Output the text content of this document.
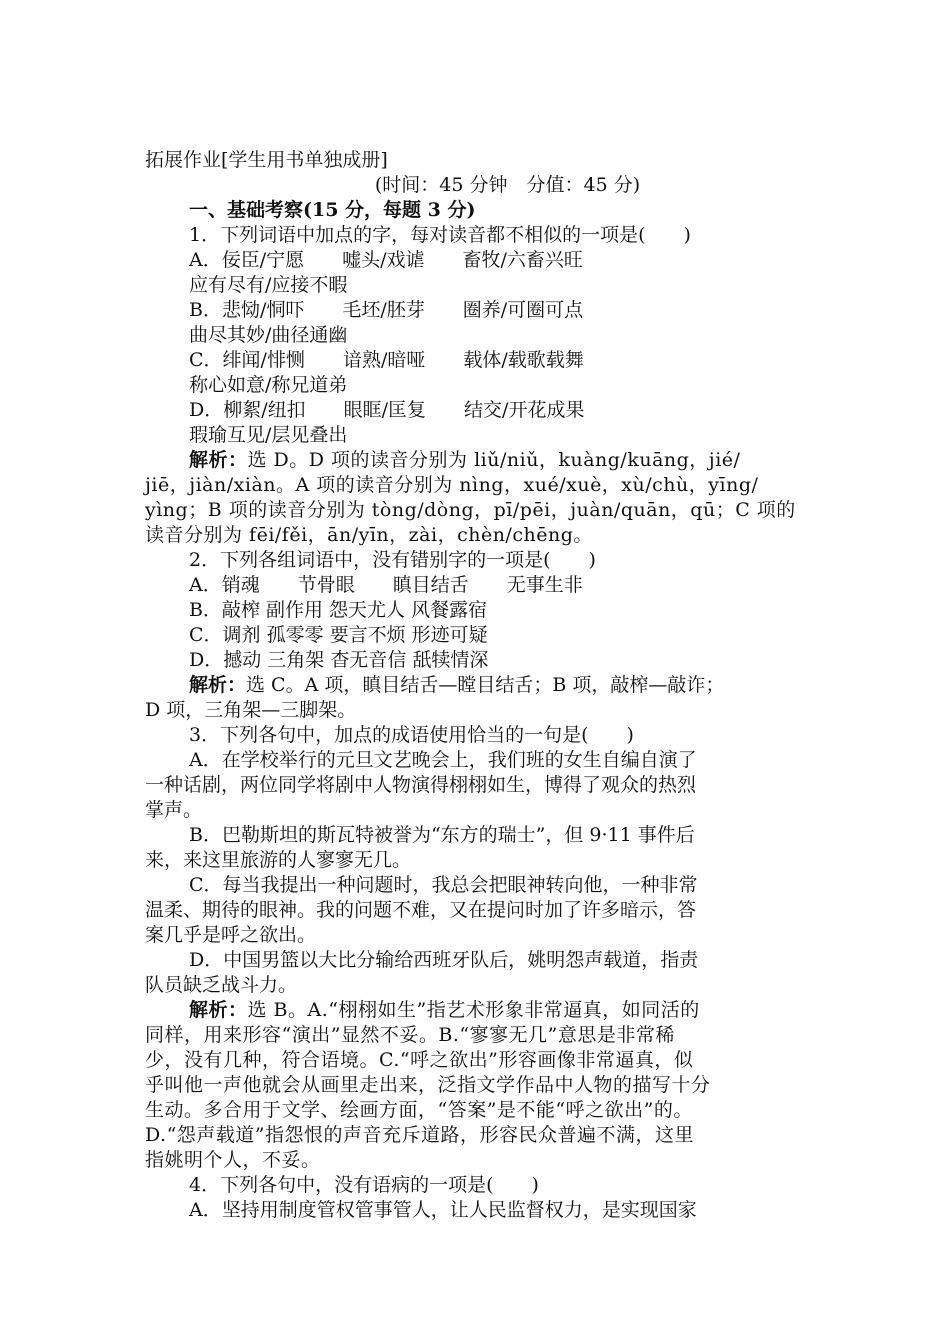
拓展作业[学生用书单独成册]
(时间：45 分钟　分值：45 分)
一、基础考察(15 分，每题 3 分)
1．下列词语中加点的字，每对读音都不相似的一项是(　　)
A．佞臣/宁愿　　嘘头/戏谑　　畜牧/六畜兴旺
应有尽有/应接不暇
B．悲恸/恫吓　　毛坯/胚芽　　圈养/可圈可点
曲尽其妙/曲径通幽
C．绯闻/悱恻　　谙熟/暗哑　　载体/载歌载舞
称心如意/称兄道弟
D．柳絮/纽扣　　眼眶/匡复　　结交/开花成果
瑕瑜互见/层见叠出
解析：选 D。D 项的读音分别为 liǔ/niǔ，kuàng/kuāng，jié/
jiē，jiàn/xiàn。A 项的读音分别为 nìng，xué/xuè，xù/chù，yīng/
yìng；B 项的读音分别为 tòng/dòng，pī/pēi，juàn/quān，qū；C 项的
读音分别为 fēi/fěi，ān/yīn，zài，chèn/chēng。
2．下列各组词语中，没有错别字的一项是(　　)
A．销魂　　节骨眼　　瞋目结舌　　无事生非
B．敲榨 副作用 怨天尤人 风餐露宿
C．调剂 孤零零 要言不烦 形迹可疑
D．撼动 三角架 杳无音信 舐犊情深
解析：选 C。A 项，瞋目结舌—瞠目结舌；B 项，敲榨—敲诈；
D 项，三角架—三脚架。
3．下列各句中，加点的成语使用恰当的一句是(　　)
A．在学校举行的元旦文艺晚会上，我们班的女生自编自演了
一种话剧，两位同学将剧中人物演得栩栩如生，博得了观众的热烈
掌声。
B．巴勒斯坦的斯瓦特被誉为“东方的瑞士”，但 9·11 事件后
来，来这里旅游的人寥寥无几。
C．每当我提出一种问题时，我总会把眼神转向他，一种非常
温柔、期待的眼神。我的问题不难，又在提问时加了许多暗示，答
案几乎是呼之欲出。
D．中国男篮以大比分输给西班牙队后，姚明怨声载道，指责
队员缺乏战斗力。
解析：选 B。A.“栩栩如生”指艺术形象非常逼真，如同活的
同样，用来形容“演出”显然不妥。B.“寥寥无几”意思是非常稀
少，没有几种，符合语境。C.“呼之欲出”形容画像非常逼真，似
乎叫他一声他就会从画里走出来，泛指文学作品中人物的描写十分
生动。多合用于文学、绘画方面，“答案”是不能“呼之欲出”的。
D.“怨声载道”指怨恨的声音充斥道路，形容民众普遍不满，这里
指姚明个人，不妥。
4．下列各句中，没有语病的一项是(　　)
A．坚持用制度管权管事管人，让人民监督权力，是实现国家
